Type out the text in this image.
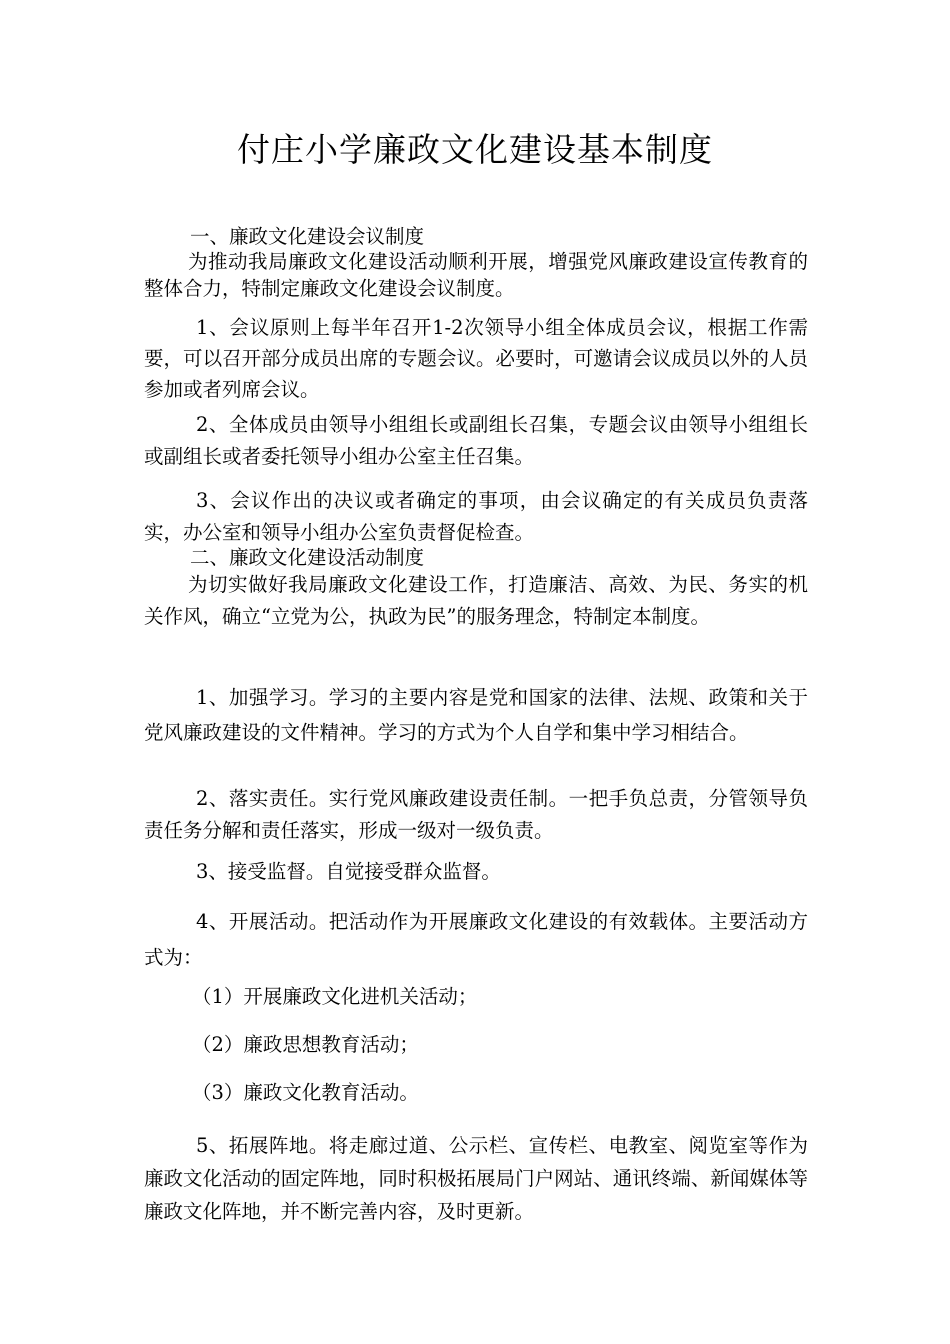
付庄小学廉政文化建设基本制度

一、廉政文化建设会议制度

为推动我局廉政文化建设活动顺利开展，增强党风廉政建设宣传教育的整体合力，特制定廉政文化建设会议制度。

1、会议原则上每半年召开1-2次领导小组全体成员会议，根据工作需要，可以召开部分成员出席的专题会议。必要时，可邀请会议成员以外的人员参加或者列席会议。

2、全体成员由领导小组组长或副组长召集，专题会议由领导小组组长或副组长或者委托领导小组办公室主任召集。

3、会议作出的决议或者确定的事项，由会议确定的有关成员负责落实，办公室和领导小组办公室负责督促检查。

二、廉政文化建设活动制度

为切实做好我局廉政文化建设工作，打造廉洁、高效、为民、务实的机关作风，确立“立党为公，执政为民”的服务理念，特制定本制度。

1、加强学习。学习的主要内容是党和国家的法律、法规、政策和关于党风廉政建设的文件精神。学习的方式为个人自学和集中学习相结合。

2、落实责任。实行党风廉政建设责任制。一把手负总责，分管领导负责任务分解和责任落实，形成一级对一级负责。

3、接受监督。自觉接受群众监督。

4、开展活动。把活动作为开展廉政文化建设的有效载体。主要活动方式为：

（1）开展廉政文化进机关活动；

（2）廉政思想教育活动；

（3）廉政文化教育活动。

5、拓展阵地。将走廊过道、公示栏、宣传栏、电教室、阅览室等作为廉政文化活动的固定阵地，同时积极拓展局门户网站、通讯终端、新闻媒体等廉政文化阵地，并不断完善内容，及时更新。
